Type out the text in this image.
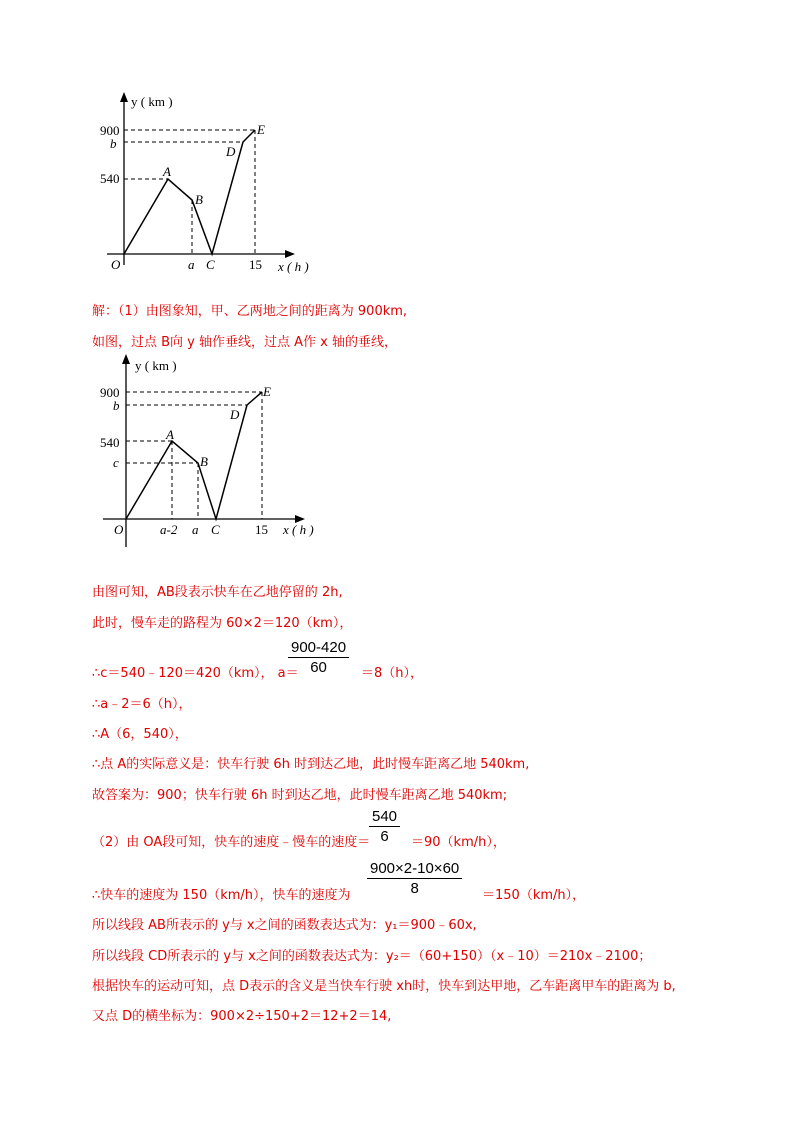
y ( km )
x ( h )
O
900
b
540	A
B
D
E
a C	15
解：（1）由图象知，甲、乙两地之间的距离为 900km,
如图，过点 B向 y 轴作垂线，过点 A作 x 轴的垂线，
y ( km )
x ( h )
O
900
b
540
c
A
B
D
E
a-2 a C	15
由图可知，AB段表示快车在乙地停留的 2h,
此时，慢车走的路程为 60×2＝120（km），
∴c＝540﹣120＝420（km）， a＝
$\frac{900-420}{60} =8(h)$，
∴a﹣2＝6（h），
∴A（6，540），
∴点 A的实际意义是：快车行驶 6h 时到达乙地，此时慢车距离乙地 540km,
故答案为：900；快车行驶 6h 时到达乙地，此时慢车距离乙地 540km;
（2）由 OA段可知，快车的速度﹣慢车的速度＝
$\frac{540}{6} =90(km/h)$，
∴快车的速度为 150（km/h），快车的速度为 $\frac{900\times 2-10\times 60}{8} =150(km/h)$，
所以线段 AB所表示的 y与 x之间的函数表达式为：y₁＝900﹣60x,
所以线段 CD所表示的 y与 x之间的函数表达式为：y₂＝（60+150）（x﹣10）＝210x﹣2100；
根据快车的运动可知，点 D表示的含义是当快车行驶 xh时，快车到达甲地，乙车距离甲车的距离为 b,
又点 D的横坐标为：900×2÷150+2＝12+2＝14,
